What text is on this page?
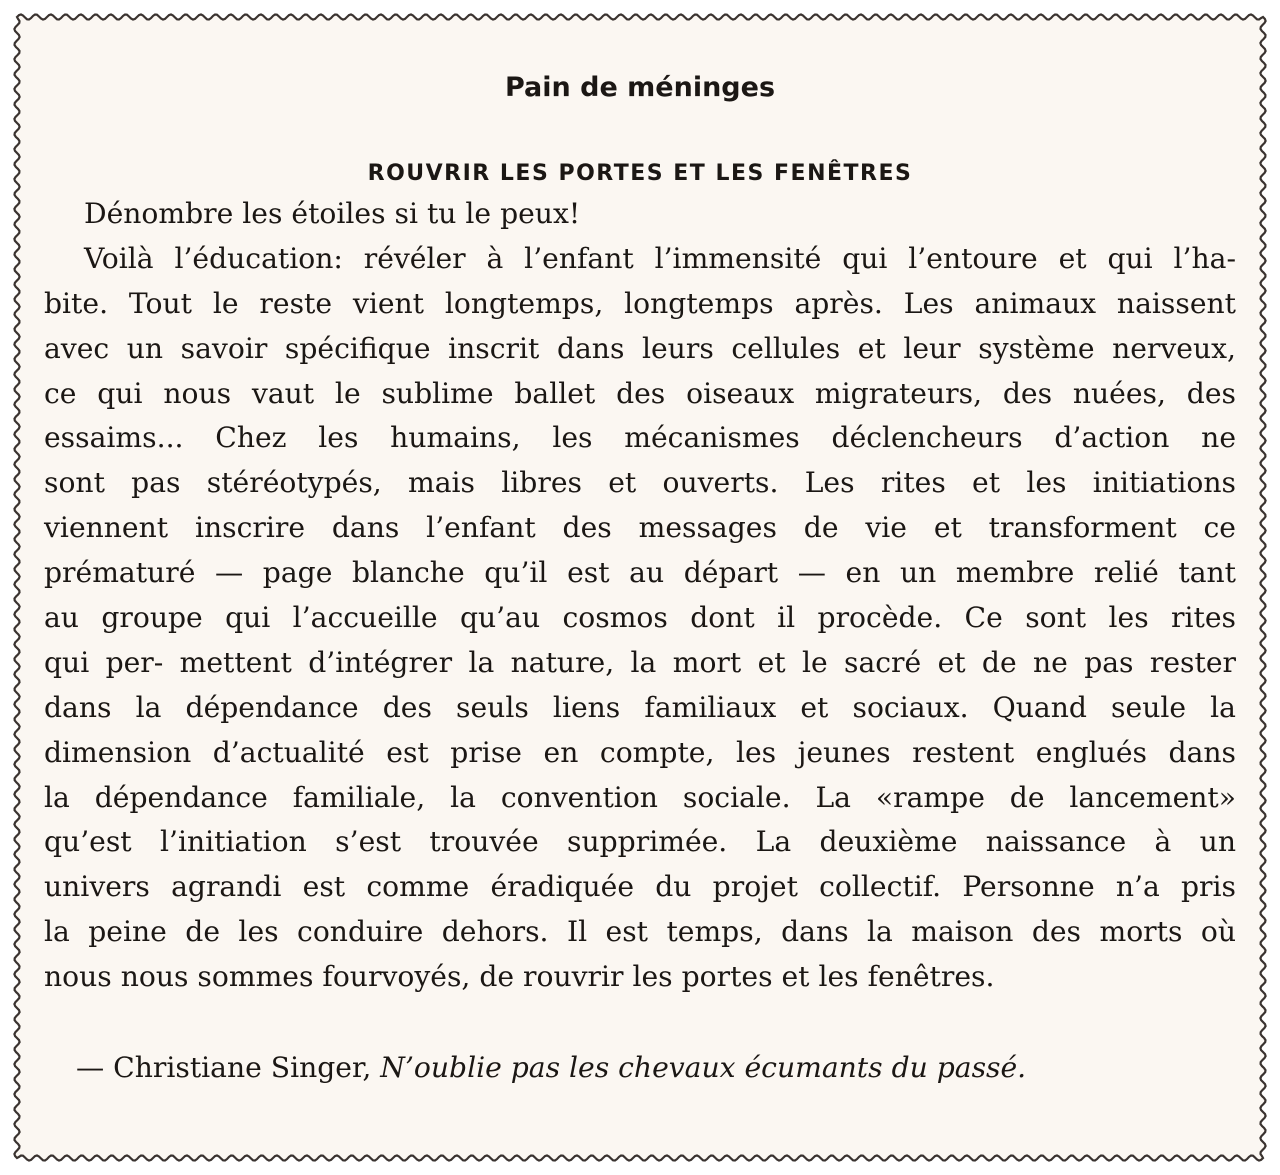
Pain de méninges
ROUVRIR LES PORTES ET LES FENÊTRES
Dénombre les étoiles si tu le peux!
Voilà l’éducation: révéler à l’enfant l’immensité qui l’entoure et qui l’ha-
bite. Tout le reste vient longtemps, longtemps après. Les animaux naissent
avec un savoir spécifique inscrit dans leurs cellules et leur système nerveux,
ce qui nous vaut le sublime ballet des oiseaux migrateurs, des nuées, des
essaims... Chez les humains, les mécanismes déclencheurs d’action ne
sont pas stéréotypés, mais libres et ouverts. Les rites et les initiations
viennent inscrire dans l’enfant des messages de vie et transforment ce
prématuré — page blanche qu’il est au départ — en un membre relié tant
au groupe qui l’accueille qu’au cosmos dont il procède. Ce sont les rites
qui per- mettent d’intégrer la nature, la mort et le sacré et de ne pas rester
dans la dépendance des seuls liens familiaux et sociaux. Quand seule la
dimension d’actualité est prise en compte, les jeunes restent englués dans
la dépendance familiale, la convention sociale. La «rampe de lancement»
qu’est l’initiation s’est trouvée supprimée. La deuxième naissance à un
univers agrandi est comme éradiquée du projet collectif. Personne n’a pris
la peine de les conduire dehors. Il est temps, dans la maison des morts où
nous nous sommes fourvoyés, de rouvrir les portes et les fenêtres.

— Christiane Singer, N’oublie pas les chevaux écumants du passé.
